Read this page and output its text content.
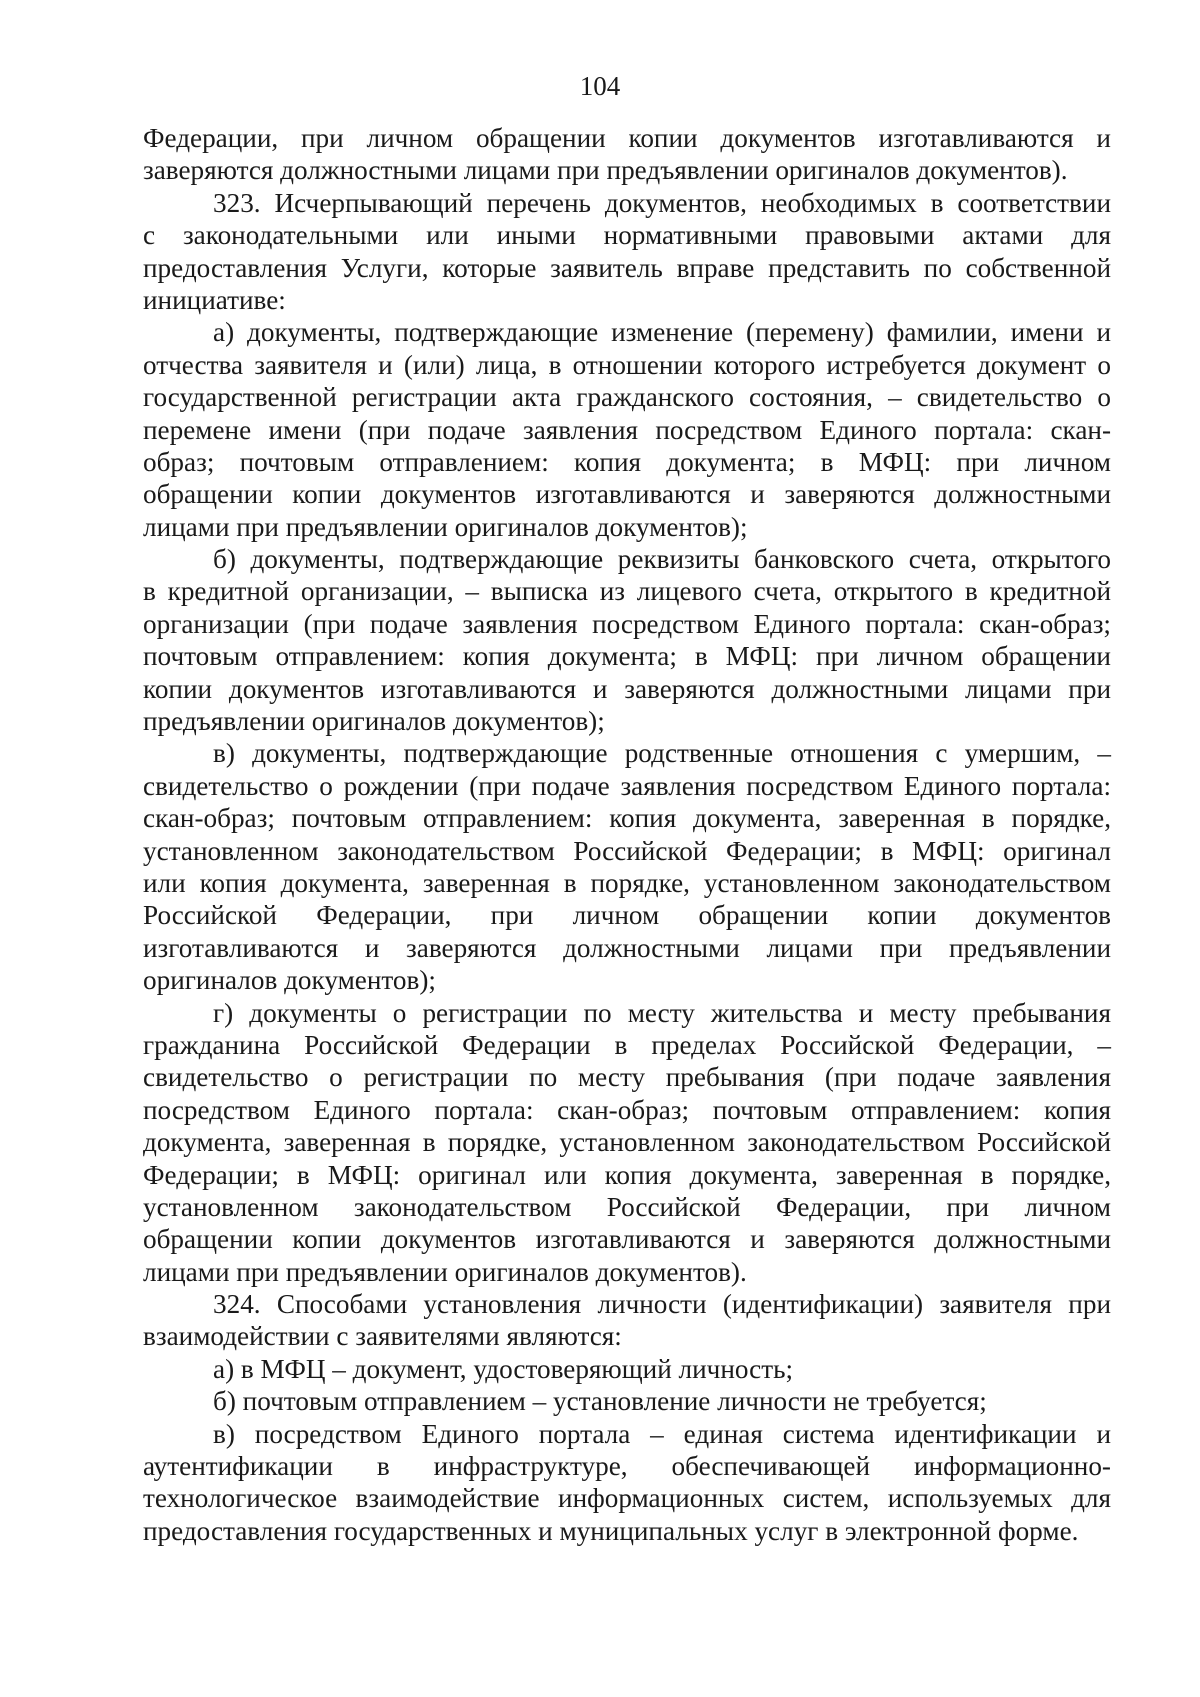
104
Федерации, при личном обращении копии документов изготавливаются и
заверяются должностными лицами при предъявлении оригиналов документов).
323. Исчерпывающий перечень документов, необходимых в соответствии
с законодательными или иными нормативными правовыми актами для
предоставления Услуги, которые заявитель вправе представить по собственной
инициативе:
а) документы, подтверждающие изменение (перемену) фамилии, имени и
отчества заявителя и (или) лица, в отношении которого истребуется документ о
государственной регистрации акта гражданского состояния, – свидетельство о
перемене имени (при подаче заявления посредством Единого портала: скан-
образ; почтовым отправлением: копия документа; в МФЦ: при личном
обращении копии документов изготавливаются и заверяются должностными
лицами при предъявлении оригиналов документов);
б) документы, подтверждающие реквизиты банковского счета, открытого
в кредитной организации, – выписка из лицевого счета, открытого в кредитной
организации (при подаче заявления посредством Единого портала: скан-образ;
почтовым отправлением: копия документа; в МФЦ: при личном обращении
копии документов изготавливаются и заверяются должностными лицами при
предъявлении оригиналов документов);
в) документы, подтверждающие родственные отношения с умершим, –
свидетельство о рождении (при подаче заявления посредством Единого портала:
скан-образ; почтовым отправлением: копия документа, заверенная в порядке,
установленном законодательством Российской Федерации; в МФЦ: оригинал
или копия документа, заверенная в порядке, установленном законодательством
Российской Федерации, при личном обращении копии документов
изготавливаются и заверяются должностными лицами при предъявлении
оригиналов документов);
г) документы о регистрации по месту жительства и месту пребывания
гражданина Российской Федерации в пределах Российской Федерации, –
свидетельство о регистрации по месту пребывания (при подаче заявления
посредством Единого портала: скан-образ; почтовым отправлением: копия
документа, заверенная в порядке, установленном законодательством Российской
Федерации; в МФЦ: оригинал или копия документа, заверенная в порядке,
установленном законодательством Российской Федерации, при личном
обращении копии документов изготавливаются и заверяются должностными
лицами при предъявлении оригиналов документов).
324. Способами установления личности (идентификации) заявителя при
взаимодействии с заявителями являются:
а) в МФЦ – документ, удостоверяющий личность;
б) почтовым отправлением – установление личности не требуется;
в) посредством Единого портала – единая система идентификации и
аутентификации в инфраструктуре, обеспечивающей информационно-
технологическое взаимодействие информационных систем, используемых для
предоставления государственных и муниципальных услуг в электронной форме.
